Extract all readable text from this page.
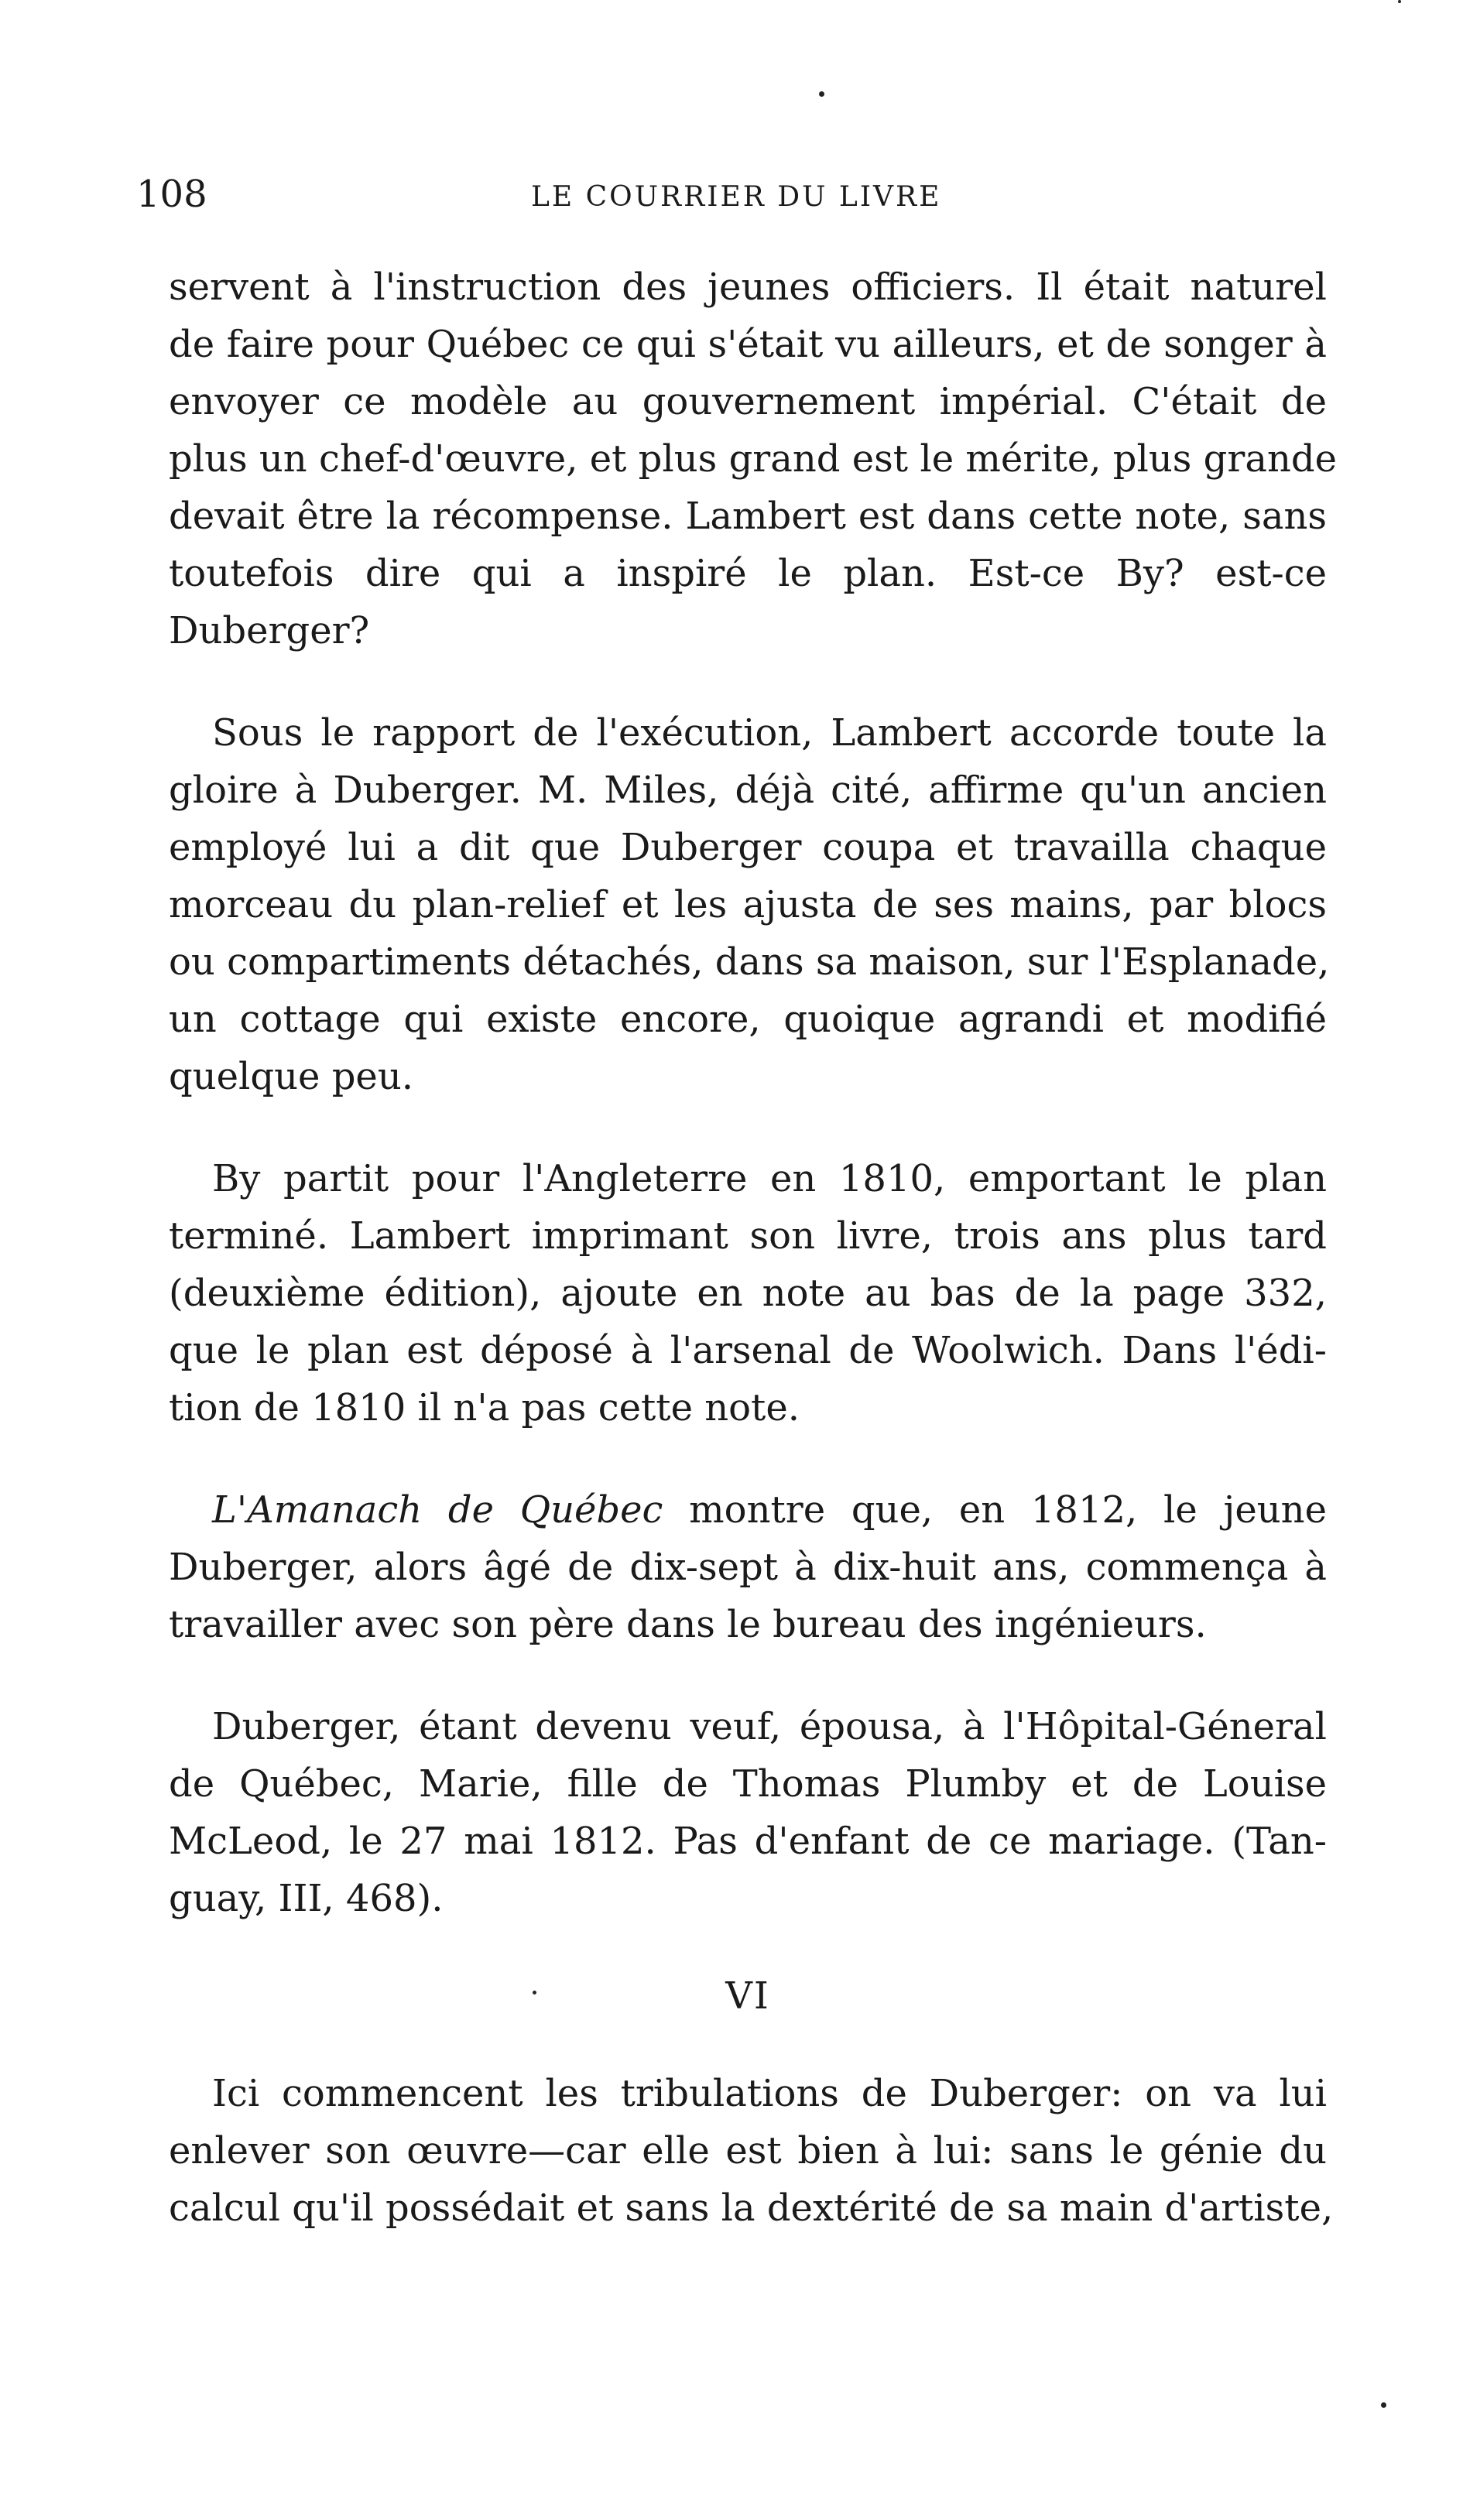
108	LE COURRIER DU LIVRE

servent à l'instruction des jeunes officiers. Il était naturel
de faire pour Québec ce qui s'était vu ailleurs, et de songer à
envoyer ce modèle au gouvernement impérial. C'était de
plus un chef-d'œuvre, et plus grand est le mérite, plus grande
devait être la récompense. Lambert est dans cette note, sans
toutefois dire qui a inspiré le plan. Est-ce By? est-ce
Duberger?

Sous le rapport de l'exécution, Lambert accorde toute la
gloire à Duberger. M. Miles, déjà cité, affirme qu'un ancien
employé lui a dit que Duberger coupa et travailla chaque
morceau du plan-relief et les ajusta de ses mains, par blocs
ou compartiments détachés, dans sa maison, sur l'Esplanade,
un cottage qui existe encore, quoique agrandi et modifié
quelque peu.

By partit pour l'Angleterre en 1810, emportant le plan
terminé. Lambert imprimant son livre, trois ans plus tard
(deuxième édition), ajoute en note au bas de la page 332,
que le plan est déposé à l'arsenal de Woolwich. Dans l'édi-
tion de 1810 il n'a pas cette note.

L'Amanach de Québec montre que, en 1812, le jeune
Duberger, alors âgé de dix-sept à dix-huit ans, commença à
travailler avec son père dans le bureau des ingénieurs.

Duberger, étant devenu veuf, épousa, à l'Hôpital-Géneral
de Québec, Marie, fille de Thomas Plumby et de Louise
McLeod, le 27 mai 1812. Pas d'enfant de ce mariage. (Tan-
guay, III, 468).

VI

Ici commencent les tribulations de Duberger: on va lui
enlever son œuvre—car elle est bien à lui: sans le génie du
calcul qu'il possédait et sans la dextérité de sa main d'artiste,
